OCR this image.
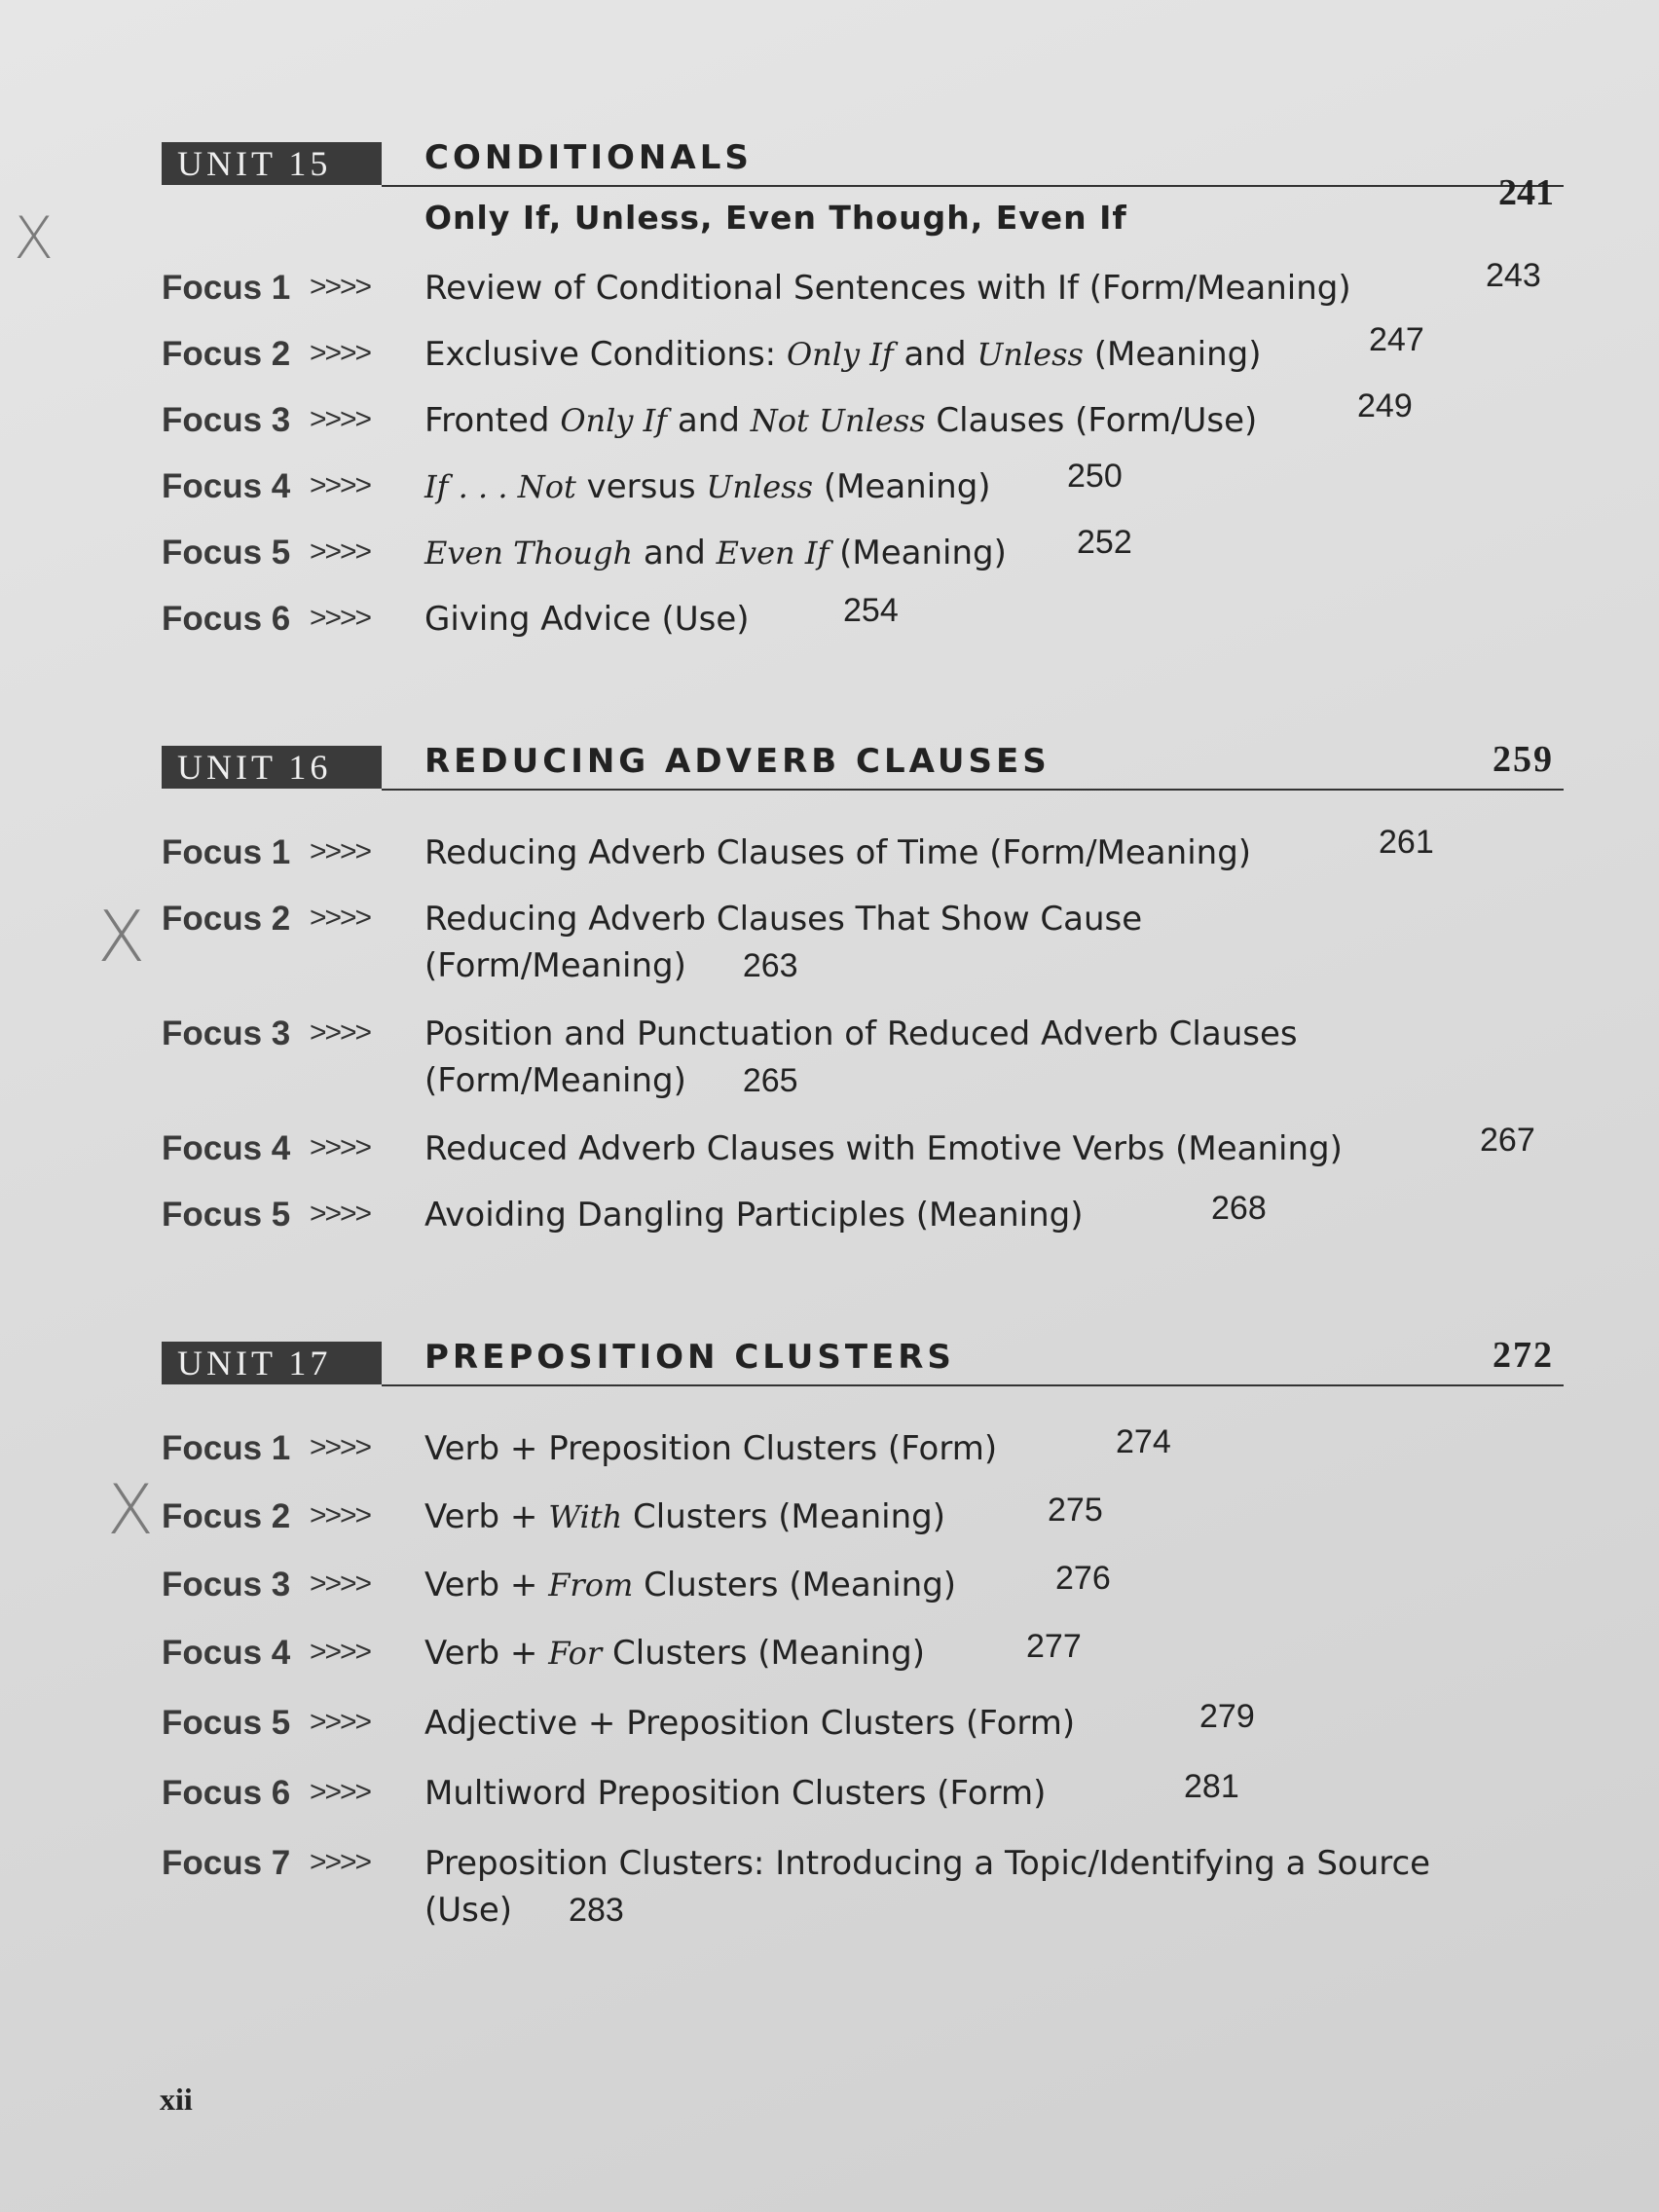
UNIT 15	CONDITIONALS
Only If, Unless, Even Though, Even If
241
Focus 1 >>>> Review of Conditional Sentences with If (Form/Meaning)	243
Focus 2 >>>> Exclusive Conditions: Only If and Unless (Meaning)	247
Focus 3 >>>> Fronted Only If and Not Unless Clauses (Form/Use)	249
Focus 4 >>>> If . . . Not versus Unless (Meaning) 250
Focus 5 >>>> Even Though and Even If (Meaning) 252
Focus 6 >>>> Giving Advice (Use)	254
UNIT 16	REDUCING ADVERB CLAUSES	259
Focus 1 >>>> Reducing Adverb Clauses of Time (Form/Meaning)	261
Focus 2 >>>> Reducing Adverb Clauses That Show Cause
(Form/Meaning) 263
Focus 3 >>>> Position and Punctuation of Reduced Adverb Clauses
(Form/Meaning) 265
Focus 4 >>>> Reduced Adverb Clauses with Emotive Verbs (Meaning)	267
Focus 5 >>>> Avoiding Dangling Participles (Meaning)	268
UNIT 17	PREPOSITION CLUSTERS	272
Focus 1 >>>> Verb + Preposition Clusters (Form)	274
Focus 2 >>>> Verb + With Clusters (Meaning)	275
Focus 3 >>>> Verb + From Clusters (Meaning)	276
Focus 4 >>>> Verb + For Clusters (Meaning)	277
Focus 5 >>>> Adjective + Preposition Clusters (Form)	279
Focus 6 >>>> Multiword Preposition Clusters (Form)	281
Focus 7 >>>> Preposition Clusters: Introducing a Topic/Identifying a Source
(Use) 283
X
X
X
xii
